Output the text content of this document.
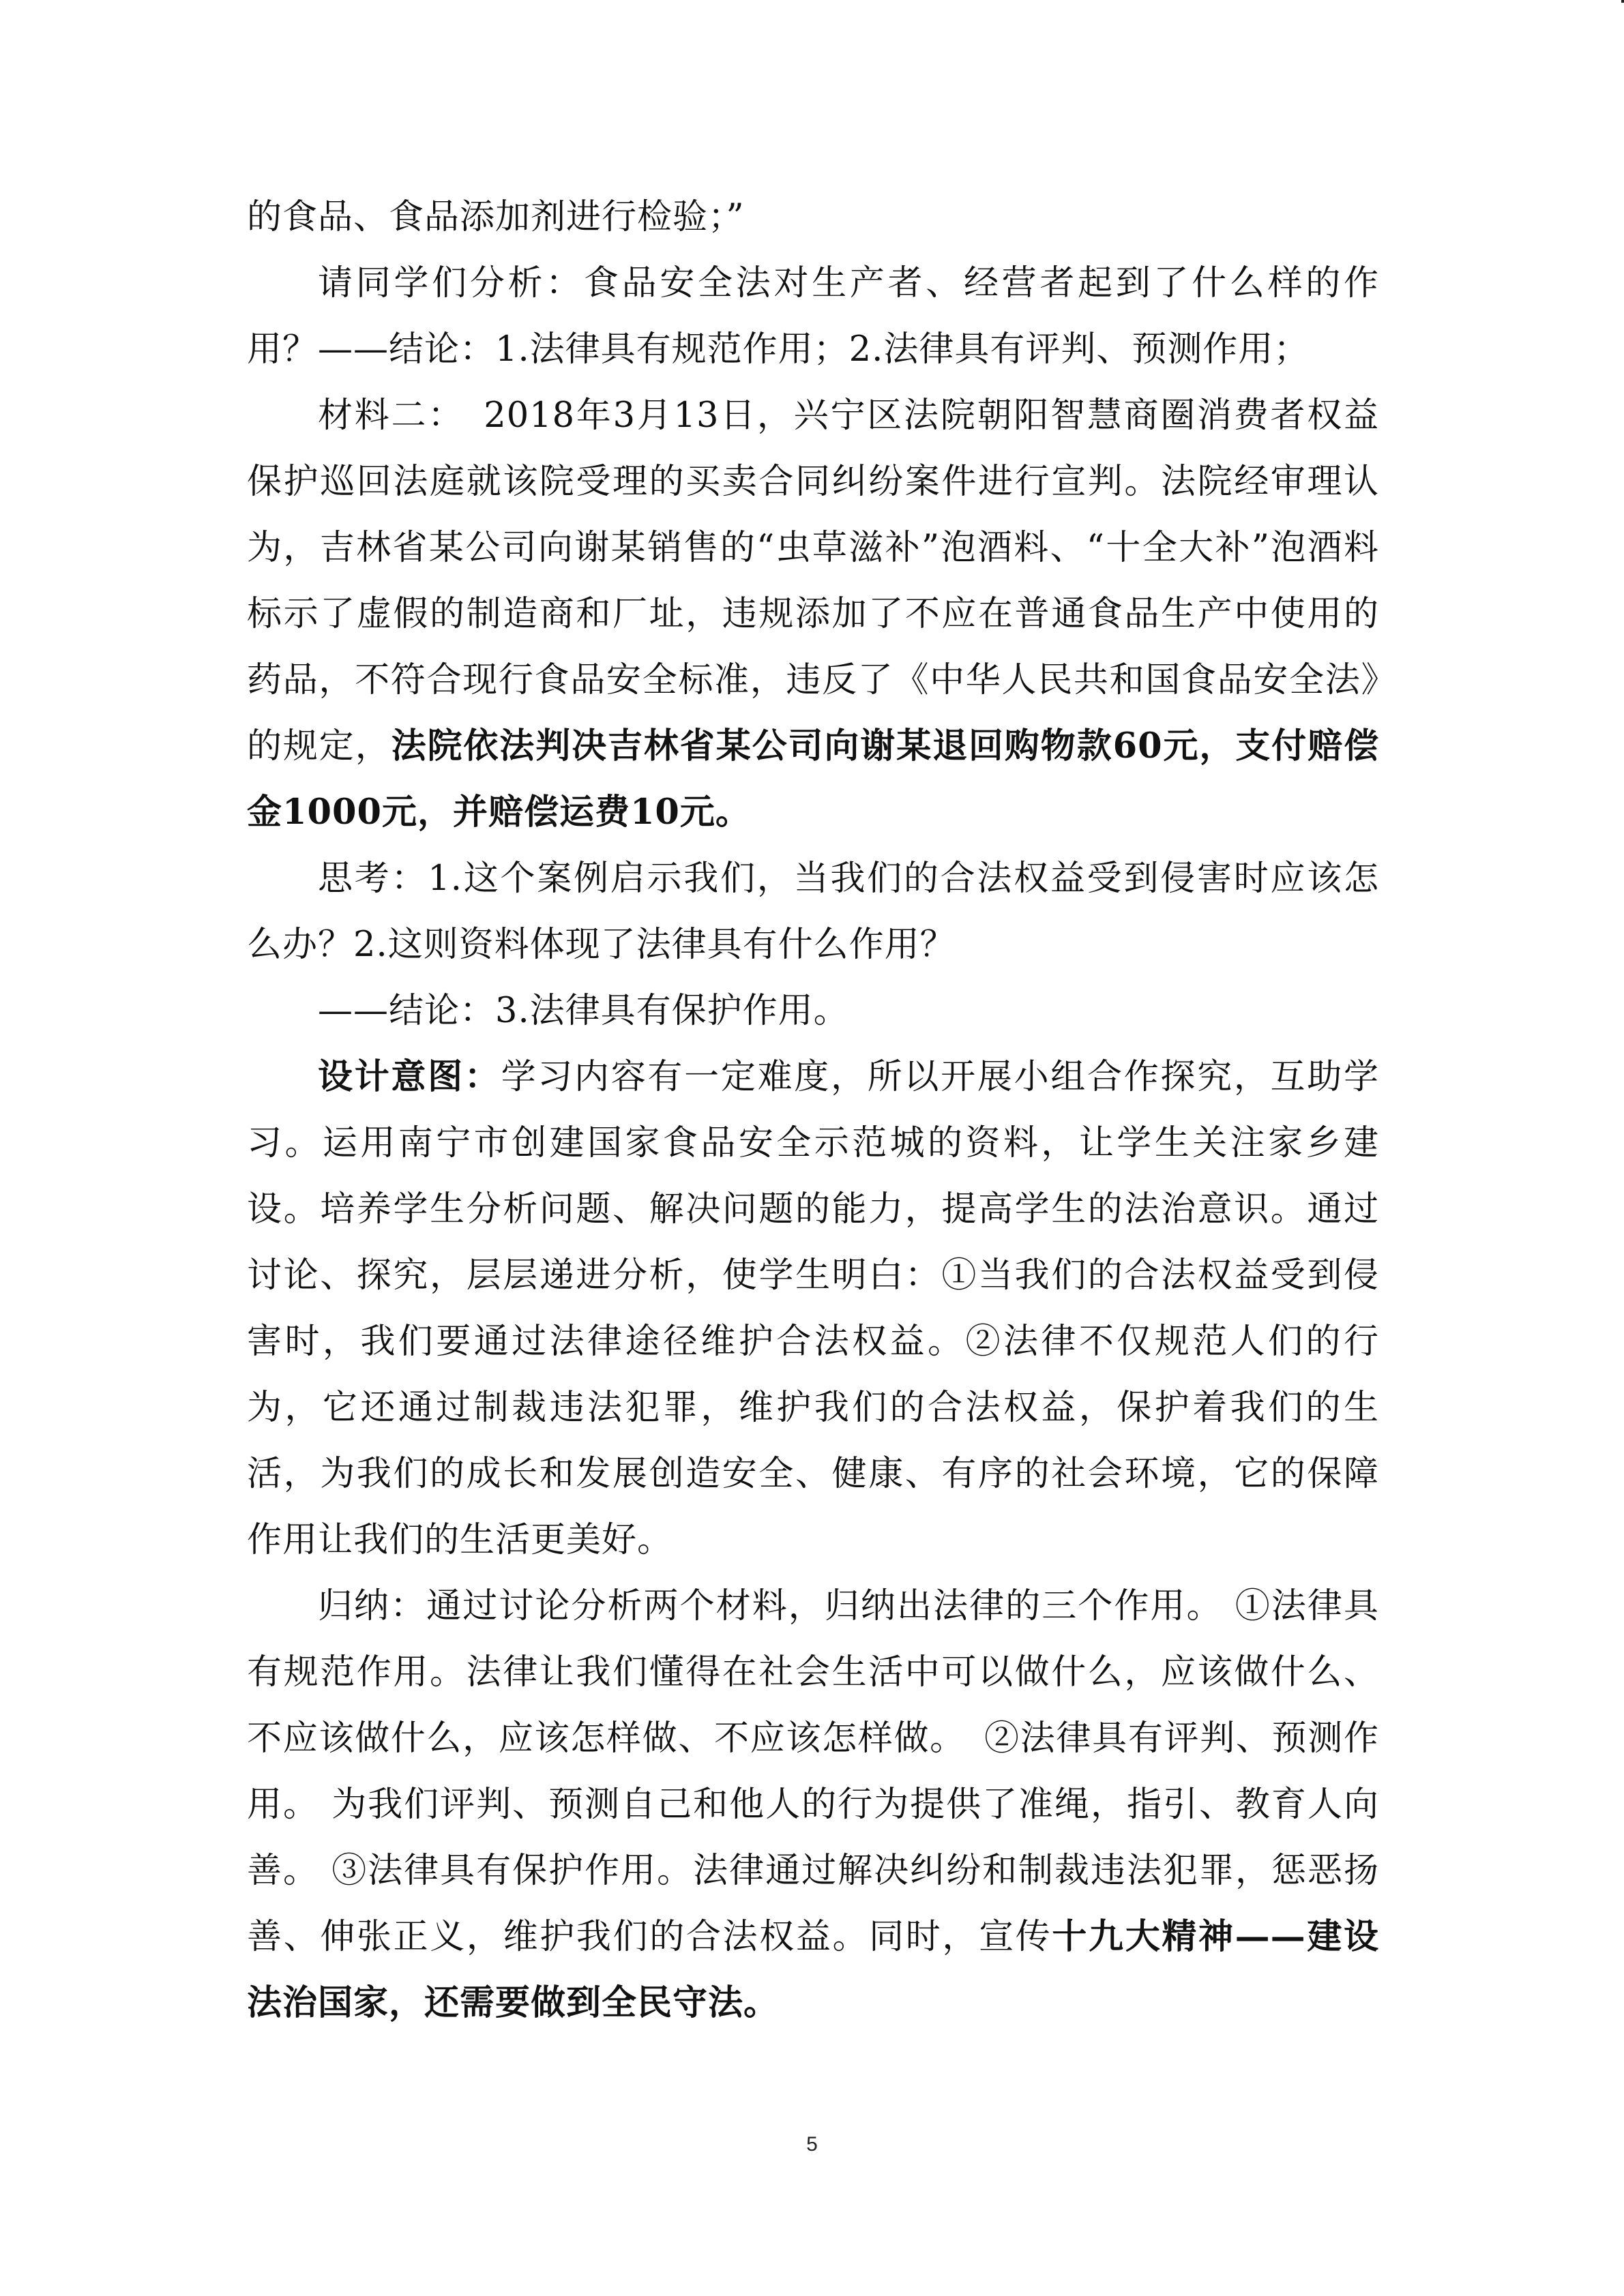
的食品、食品添加剂进行检验；”

请同学们分析：食品安全法对生产者、经营者起到了什么样的作用？——结论：1.法律具有规范作用；2.法律具有评判、预测作用；

材料二：　2018年3月13日，兴宁区法院朝阳智慧商圈消费者权益保护巡回法庭就该院受理的买卖合同纠纷案件进行宣判。法院经审理认为，吉林省某公司向谢某销售的“虫草滋补”泡酒料、“十全大补”泡酒料标示了虚假的制造商和厂址，违规添加了不应在普通食品生产中使用的药品，不符合现行食品安全标准，违反了《中华人民共和国食品安全法》的规定，法院依法判决吉林省某公司向谢某退回购物款60元，支付赔偿金1000元，并赔偿运费10元。

思考：1.这个案例启示我们，当我们的合法权益受到侵害时应该怎么办？2.这则资料体现了法律具有什么作用？

——结论：3.法律具有保护作用。

设计意图：学习内容有一定难度，所以开展小组合作探究，互助学习。运用南宁市创建国家食品安全示范城的资料，让学生关注家乡建设。培养学生分析问题、解决问题的能力，提高学生的法治意识。通过讨论、探究，层层递进分析，使学生明白：①当我们的合法权益受到侵害时，我们要通过法律途径维护合法权益。②法律不仅规范人们的行为，它还通过制裁违法犯罪，维护我们的合法权益，保护着我们的生活，为我们的成长和发展创造安全、健康、有序的社会环境，它的保障作用让我们的生活更美好。

归纳：通过讨论分析两个材料，归纳出法律的三个作用。 ①法律具有规范作用。法律让我们懂得在社会生活中可以做什么，应该做什么、不应该做什么，应该怎样做、不应该怎样做。　②法律具有评判、预测作用。 为我们评判、预测自己和他人的行为提供了准绳，指引、教育人向善。 ③法律具有保护作用。法律通过解决纠纷和制裁违法犯罪，惩恶扬善、伸张正义，维护我们的合法权益。同时，宣传十九大精神——建设法治国家，还需要做到全民守法。

5
